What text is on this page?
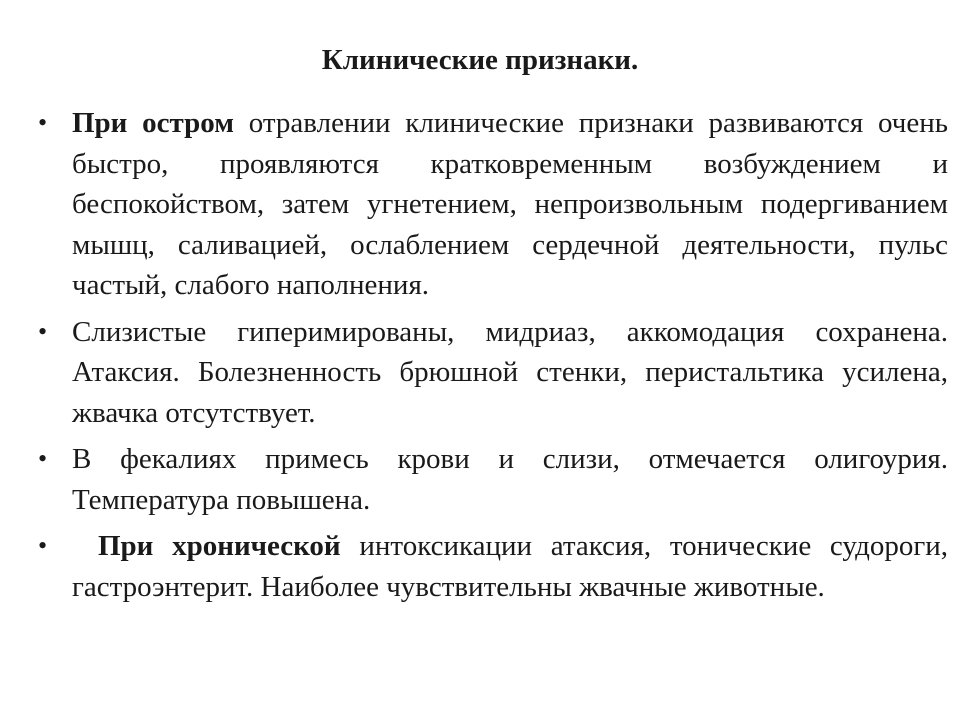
Клинические признаки.
• При остром отравлении клинические признаки развиваются очень быстро, проявляются кратковременным возбуждением и беспокойством, затем угнетением, непроизвольным подергиванием мышц, саливацией, ослаблением сердечной деятельности, пульс частый, слабого наполнения.
• Слизистые гиперимированы, мидриаз, аккомодация сохранена. Атаксия. Болезненность брюшной стенки, перистальтика усилена, жвачка отсутствует.
• В фекалиях примесь крови и слизи, отмечается олигоурия. Температура повышена.
• При хронической интоксикации атаксия, тонические судороги, гастроэнтерит. Наиболее чувствительны жвачные животные.
